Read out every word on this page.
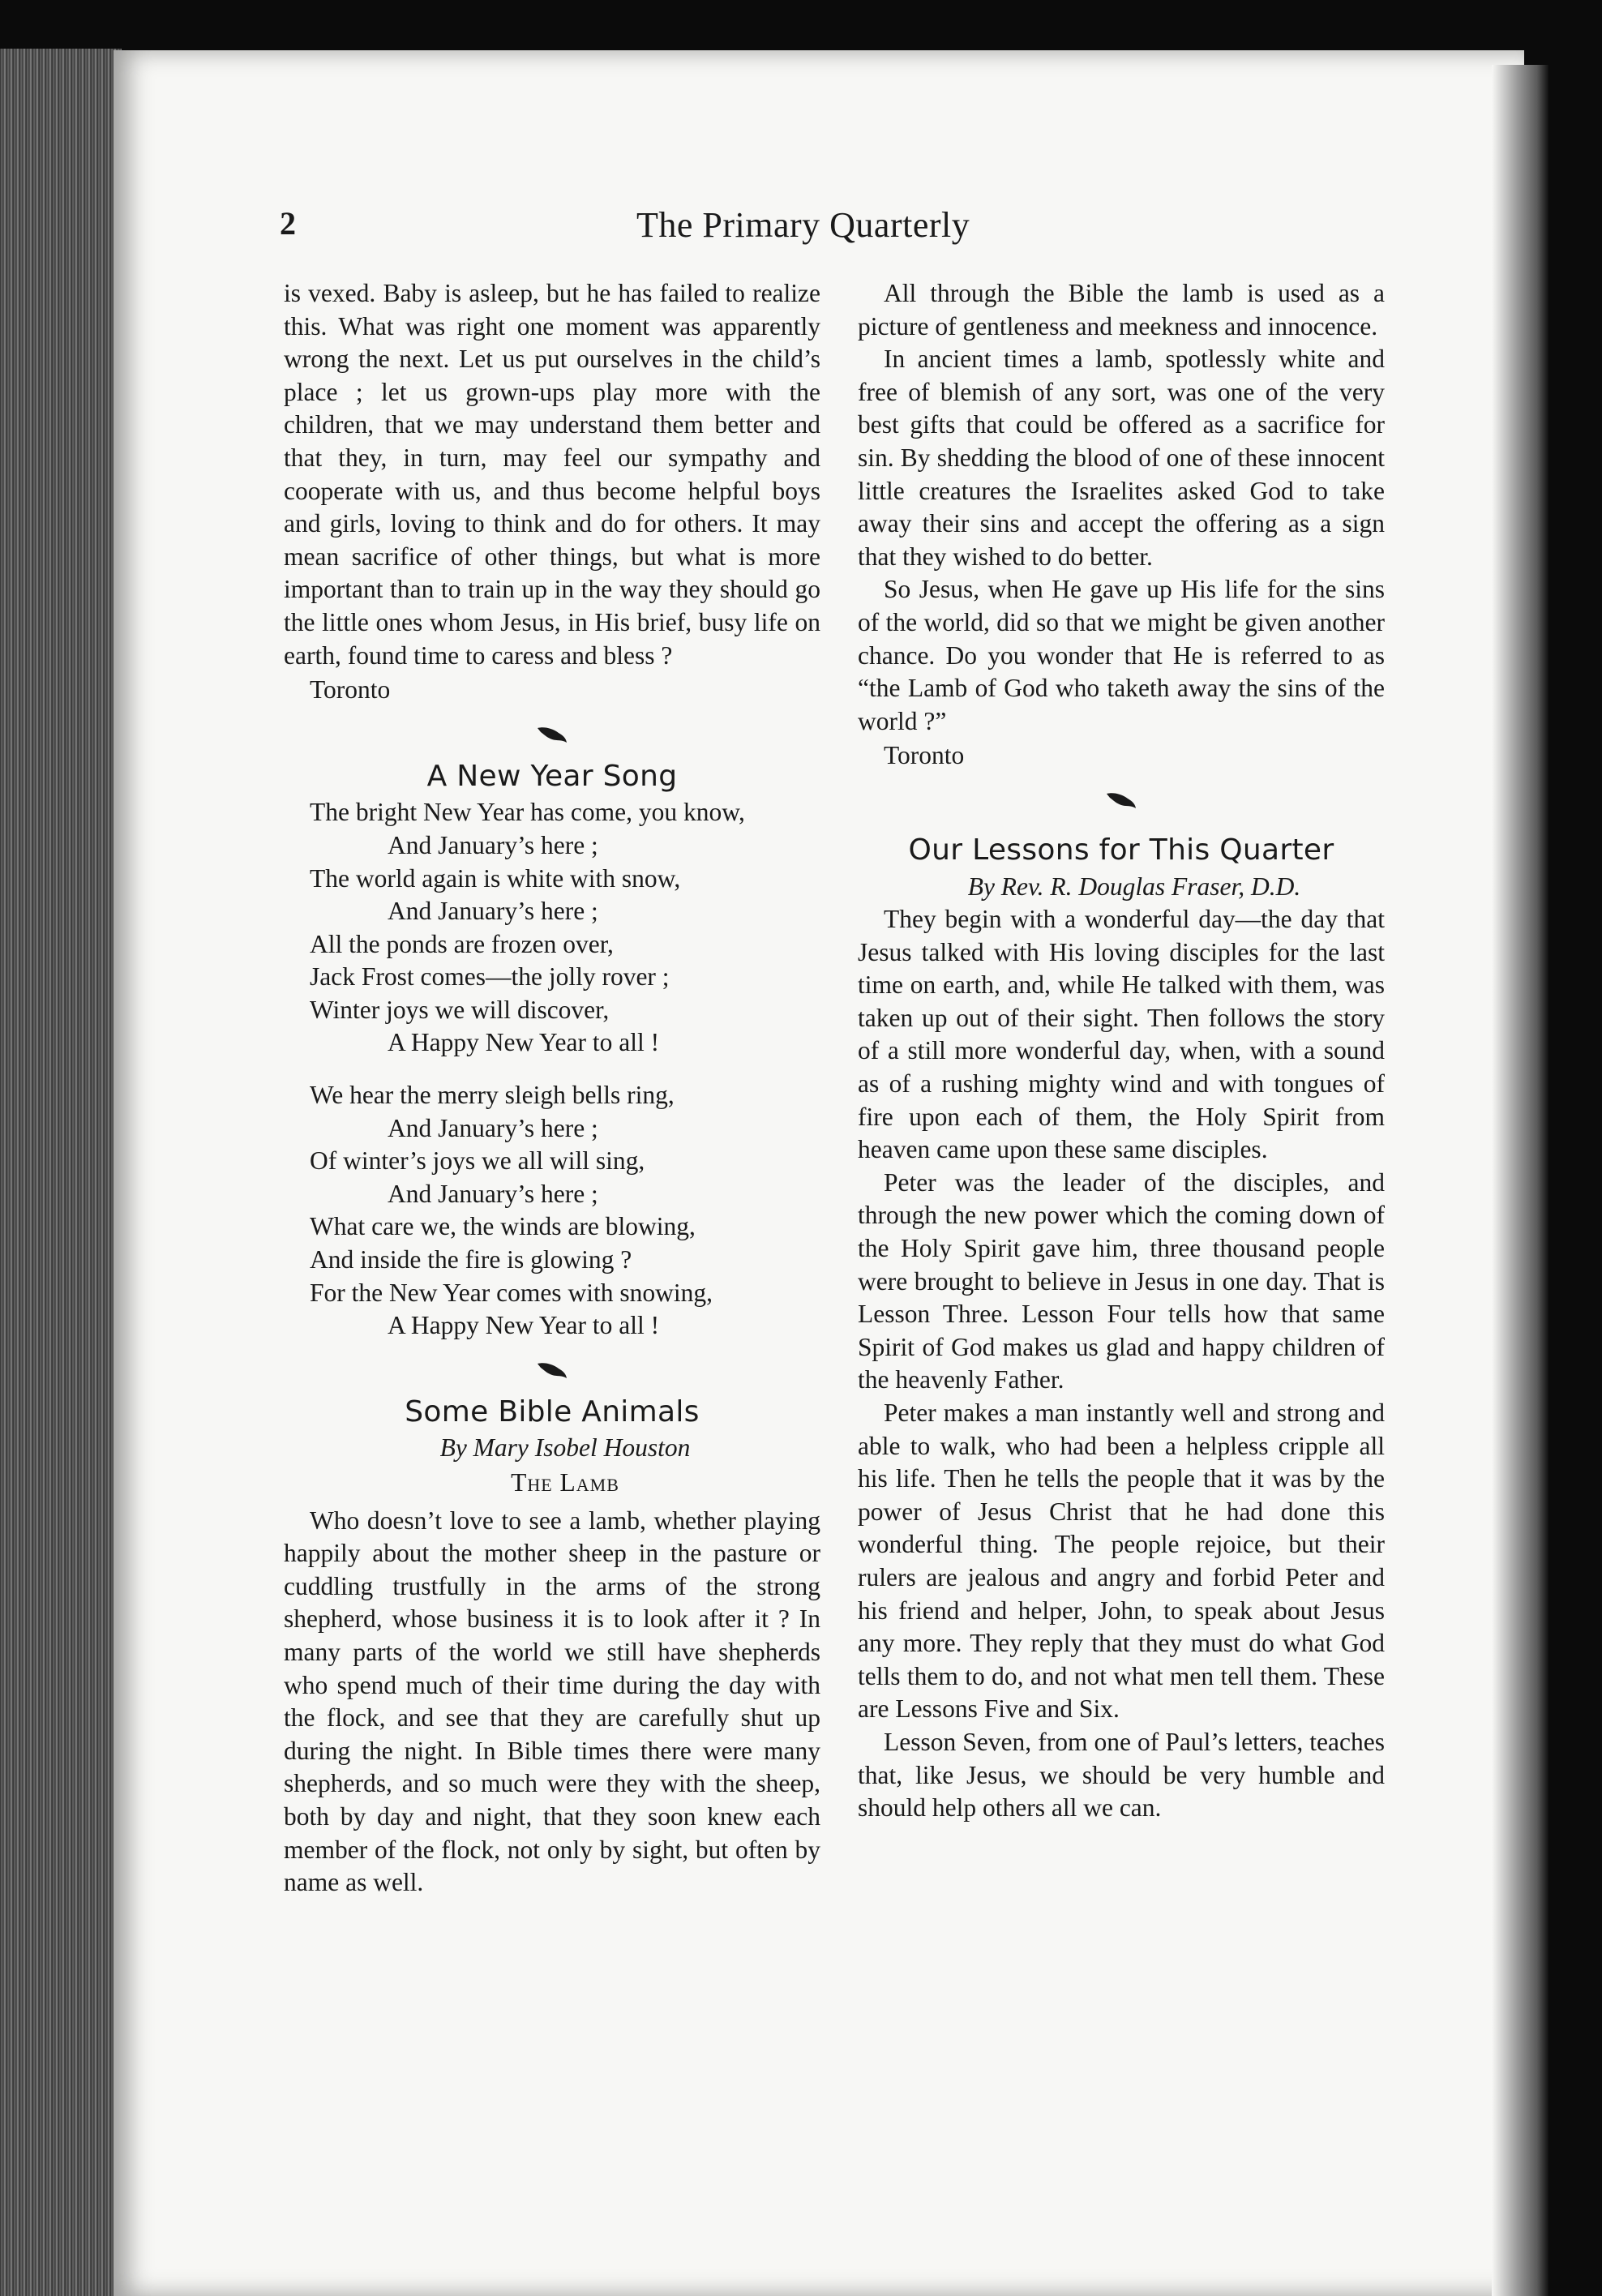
2	The Primary Quarterly

is vexed. Baby is asleep, but he has failed to realize this. What was right one moment was apparently wrong the next. Let us put ourselves in the child’s place ; let us grown-ups play more with the children, that we may understand them better and that they, in turn, may feel our sympathy and cooperate with us, and thus become helpful boys and girls, loving to think and do for others. It may mean sacrifice of other things, but what is more important than to train up in the way they should go the little ones whom Jesus, in His brief, busy life on earth, found time to caress and bless ?

Toronto

A New Year Song
The bright New Year has come, you know,
And January’s here ;
The world again is white with snow,
And January’s here ;
All the ponds are frozen over,
Jack Frost comes—the jolly rover ;
Winter joys we will discover,
A Happy New Year to all !
We hear the merry sleigh bells ring,
And January’s here ;
Of winter’s joys we all will sing,
And January’s here ;
What care we, the winds are blowing,
And inside the fire is glowing ?
For the New Year comes with snowing,
A Happy New Year to all !
Some Bible Animals

By Mary Isobel Houston

The Lamb

Who doesn’t love to see a lamb, whether playing happily about the mother sheep in the pasture or cuddling trustfully in the arms of the strong shepherd, whose business it is to look after it ? In many parts of the world we still have shepherds who spend much of their time during the day with the flock, and see that they are carefully shut up during the night. In Bible times there were many shepherds, and so much were they with the sheep, both by day and night, that they soon knew each member of the flock, not only by sight, but often by name as well.

All through the Bible the lamb is used as a picture of gentleness and meekness and innocence.

In ancient times a lamb, spotlessly white and free of blemish of any sort, was one of the very best gifts that could be offered as a sacrifice for sin. By shedding the blood of one of these innocent little creatures the Israelites asked God to take away their sins and accept the offering as a sign that they wished to do better.

So Jesus, when He gave up His life for the sins of the world, did so that we might be given another chance. Do you wonder that He is referred to as “the Lamb of God who taketh away the sins of the world ?”

Toronto

Our Lessons for This Quarter

By Rev. R. Douglas Fraser, D.D.

They begin with a wonderful day—the day that Jesus talked with His loving disciples for the last time on earth, and, while He talked with them, was taken up out of their sight. Then follows the story of a still more wonderful day, when, with a sound as of a rushing mighty wind and with tongues of fire upon each of them, the Holy Spirit from heaven came upon these same disciples.

Peter was the leader of the disciples, and through the new power which the coming down of the Holy Spirit gave him, three thousand people were brought to believe in Jesus in one day. That is Lesson Three. Lesson Four tells how that same Spirit of God makes us glad and happy children of the heavenly Father.

Peter makes a man instantly well and strong and able to walk, who had been a helpless cripple all his life. Then he tells the people that it was by the power of Jesus Christ that he had done this wonderful thing. The people rejoice, but their rulers are jealous and angry and forbid Peter and his friend and helper, John, to speak about Jesus any more. They reply that they must do what God tells them to do, and not what men tell them. These are Lessons Five and Six.

Lesson Seven, from one of Paul’s letters, teaches that, like Jesus, we should be very humble and should help others all we can.
